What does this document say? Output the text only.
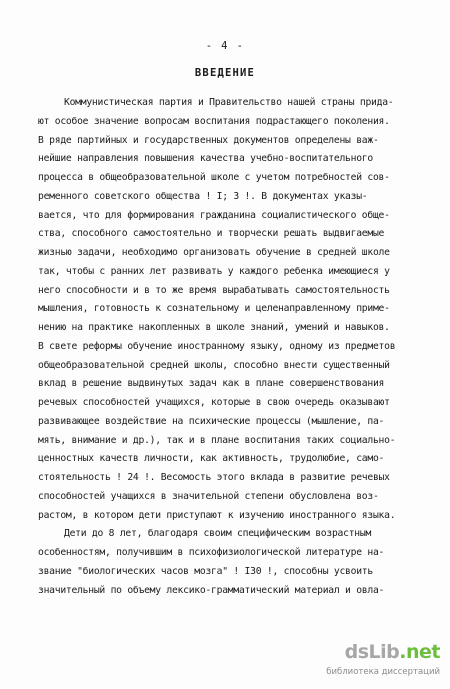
- 4 -
ВВЕДЕНИЕ
Коммунистическая партия и Правительство нашей страны прида-
ют особое значение вопросам воспитания подрастающего поколения.
В ряде партийных и государственных документов определены важ-
нейшие направления повышения качества учебно-воспитательного
процесса в общеобразовательной школе с учетом потребностей сов-
ременного советского общества ! I; 3 !. В документах указы-
вается, что для формирования гражданина социалистического обще-
ства, способного самостоятельно и творчески решать выдвигаемые
жизнью задачи, необходимо организовать обучение в средней школе
так, чтобы с ранних лет развивать у каждого ребенка имеющиеся у
него способности и в то же время вырабатывать самостоятельность
мышления, готовность к сознательному и целенаправленному приме-
нению на практике накопленных в школе знаний, умений и навыков.
В свете реформы обучение иностранному языку, одному из предметов
общеобразовательной средней школы, способно внести существенный
вклад в решение выдвинутых задач как в плане совершенствования
речевых способностей учащихся, которые в свою очередь оказывают
развивающее воздействие на психические процессы (мышление, па-
мять, внимание и др.), так и в плане воспитания таких социально-
ценностных качеств личности, как активность, трудолюбие, само-
стоятельность ! 24 !. Весомость этого вклада в развитие речевых
способностей учащихся в значительной степени обусловлена воз-
растом, в котором дети приступают к изучению иностранного языка.
Дети до 8 лет, благодаря своим специфическим возрастным
особенностям, получившим в психофизиологической литературе на-
звание "биологических часов мозга" ! I30 !, способны усвоить
значительный по объему лексико-грамматический материал и овла-
dsLib.net
библиотека диссертаций
